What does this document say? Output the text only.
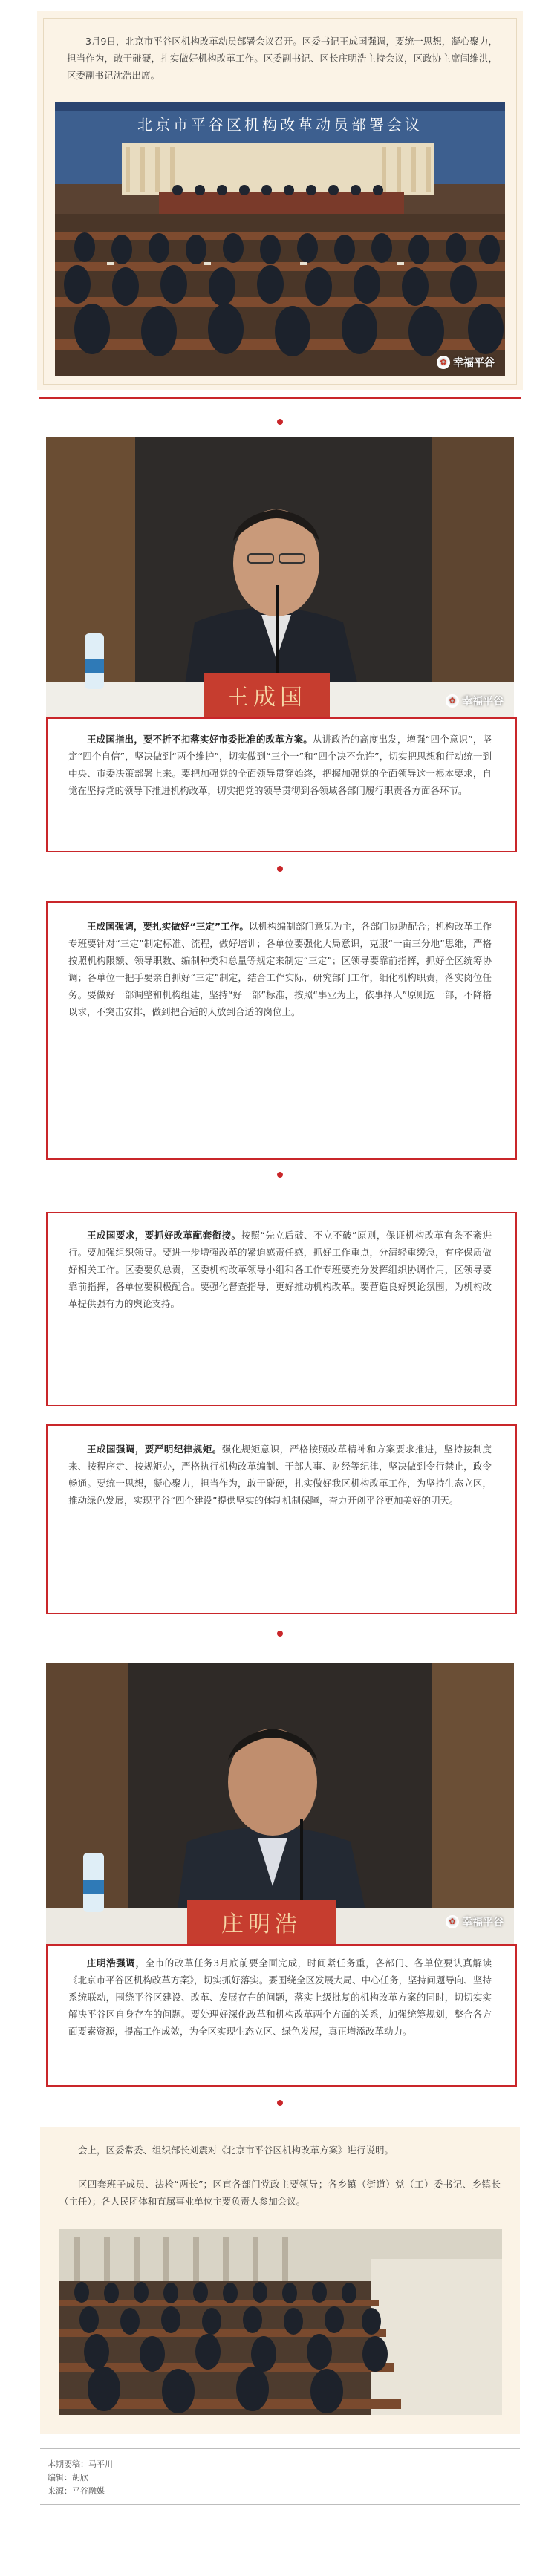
3月9日，北京市平谷区机构改革动员部署会议召开。区委书记王成国强调，要统一思想，凝心聚力，担当作为，敢于碰硬，扎实做好机构改革工作。区委副书记、区长庄明浩主持会议，区政协主席闫维洪，区委副书记沈浩出席。
北京市平谷区机构改革动员部署会议
✿ 幸福平谷
王成国	✿ 幸福平谷
王成国指出，要不折不扣落实好市委批准的改革方案。从讲政治的高度出发，增强“四个意识”，坚定“四个自信”，坚决做到“两个维护”，切实做到“三个一”和“四个决不允许”，切实把思想和行动统一到中央、市委决策部署上来。要把加强党的全面领导贯穿始终，把握加强党的全面领导这一根本要求，自觉在坚持党的领导下推进机构改革，切实把党的领导贯彻到各领域各部门履行职责各方面各环节。
王成国强调，要扎实做好“三定”工作。以机构编制部门意见为主，各部门协助配合；机构改革工作专班要针对“三定”制定标准、流程，做好培训；各单位要强化大局意识，克服“一亩三分地”思维，严格按照机构限额、领导职数、编制种类和总量等规定来制定“三定”；区领导要靠前指挥，抓好全区统筹协调；各单位一把手要亲自抓好“三定”制定，结合工作实际，研究部门工作，细化机构职责，落实岗位任务。要做好干部调整和机构组建，坚持“好干部”标准，按照“事业为上，依事择人”原则选干部，不降格以求，不突击安排，做到把合适的人放到合适的岗位上。
王成国要求，要抓好改革配套衔接。按照“先立后破、不立不破”原则，保证机构改革有条不紊进行。要加强组织领导。要进一步增强改革的紧迫感责任感，抓好工作重点，分清轻重缓急，有序保质做好相关工作。区委要负总责，区委机构改革领导小组和各工作专班要充分发挥组织协调作用，区领导要靠前指挥，各单位要积极配合。要强化督查指导，更好推动机构改革。要营造良好舆论氛围，为机构改革提供强有力的舆论支持。
王成国强调，要严明纪律规矩。强化规矩意识，严格按照改革精神和方案要求推进，坚持按制度来、按程序走、按规矩办，严格执行机构改革编制、干部人事、财经等纪律，坚决做到令行禁止，政令畅通。要统一思想，凝心聚力，担当作为，敢于碰硬，扎实做好我区机构改革工作，为坚持生态立区，推动绿色发展，实现平谷“四个建设”提供坚实的体制机制保障，奋力开创平谷更加美好的明天。
庄明浩	✿ 幸福平谷
庄明浩强调，全市的改革任务3月底前要全面完成，时间紧任务重，各部门、各单位要认真解读《北京市平谷区机构改革方案》，切实抓好落实。要围绕全区发展大局、中心任务，坚持问题导向、坚持系统联动，围绕平谷区建设、改革、发展存在的问题，落实上级批复的机构改革方案的同时，切切实实解决平谷区自身存在的问题。要处理好深化改革和机构改革两个方面的关系，加强统筹规划，整合各方面要素资源，提高工作成效，为全区实现生态立区、绿色发展，真正增添改革动力。
会上，区委常委、组织部长刘震对《北京市平谷区机构改革方案》进行说明。
区四套班子成员、法检“两长”；区直各部门党政主要领导；各乡镇（街道）党（工）委书记、乡镇长（主任）；各人民团体和直属事业单位主要负责人参加会议。
本期要稿：马平川
编辑：胡欣
来源：平谷融媒
